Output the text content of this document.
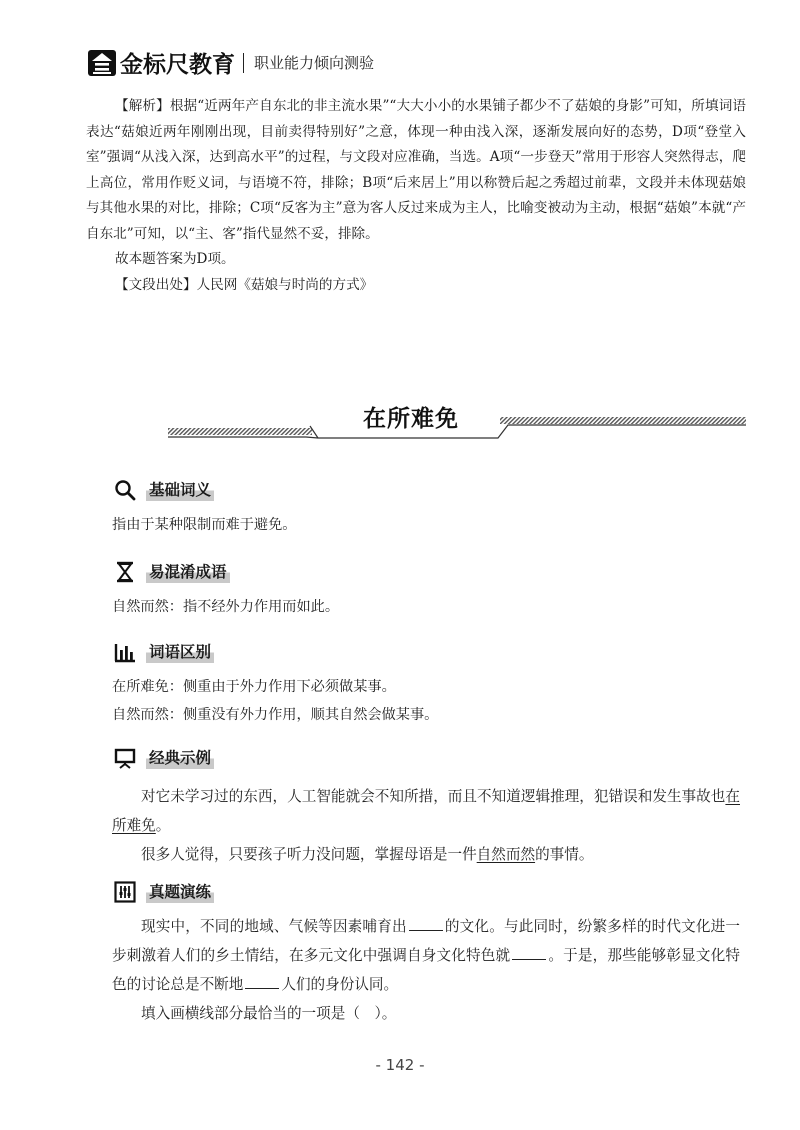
金标尺教育 职业能力倾向测验

【解析】根据“近两年产自东北的非主流水果”“大大小小的水果铺子都少不了菇娘的身影”可知，所填词语表达“菇娘近两年刚刚出现，目前卖得特别好”之意，体现一种由浅入深，逐渐发展向好的态势，D项“登堂入室”强调“从浅入深，达到高水平”的过程，与文段对应准确，当选。A项“一步登天”常用于形容人突然得志，爬上高位，常用作贬义词，与语境不符，排除；B项“后来居上”用以称赞后起之秀超过前辈，文段并未体现菇娘与其他水果的对比，排除；C项“反客为主”意为客人反过来成为主人，比喻变被动为主动，根据“菇娘”本就“产自东北”可知，以“主、客”指代显然不妥，排除。

故本题答案为D项。

【文段出处】人民网《菇娘与时尚的方式》

在所难免
基础词义
指由于某种限制而难于避免。
易混淆成语
自然而然：指不经外力作用而如此。
词语区别
在所难免：侧重由于外力作用下必须做某事。
自然而然：侧重没有外力作用，顺其自然会做某事。
经典示例

对它未学习过的东西，人工智能就会不知所措，而且不知道逻辑推理，犯错误和发生事故也在所难免。

很多人觉得，只要孩子听力没问题，掌握母语是一件自然而然的事情。

真题演练

现实中，不同的地域、气候等因素哺育出	的文化。与此同时，纷繁多样的时代文化进一步刺激着人们的乡土情结，在多元文化中强调自身文化特色就	。于是，那些能够彰显文化特色的讨论总是不断地	人们的身份认同。

填入画横线部分最恰当的一项是（　）。

- 142 -
